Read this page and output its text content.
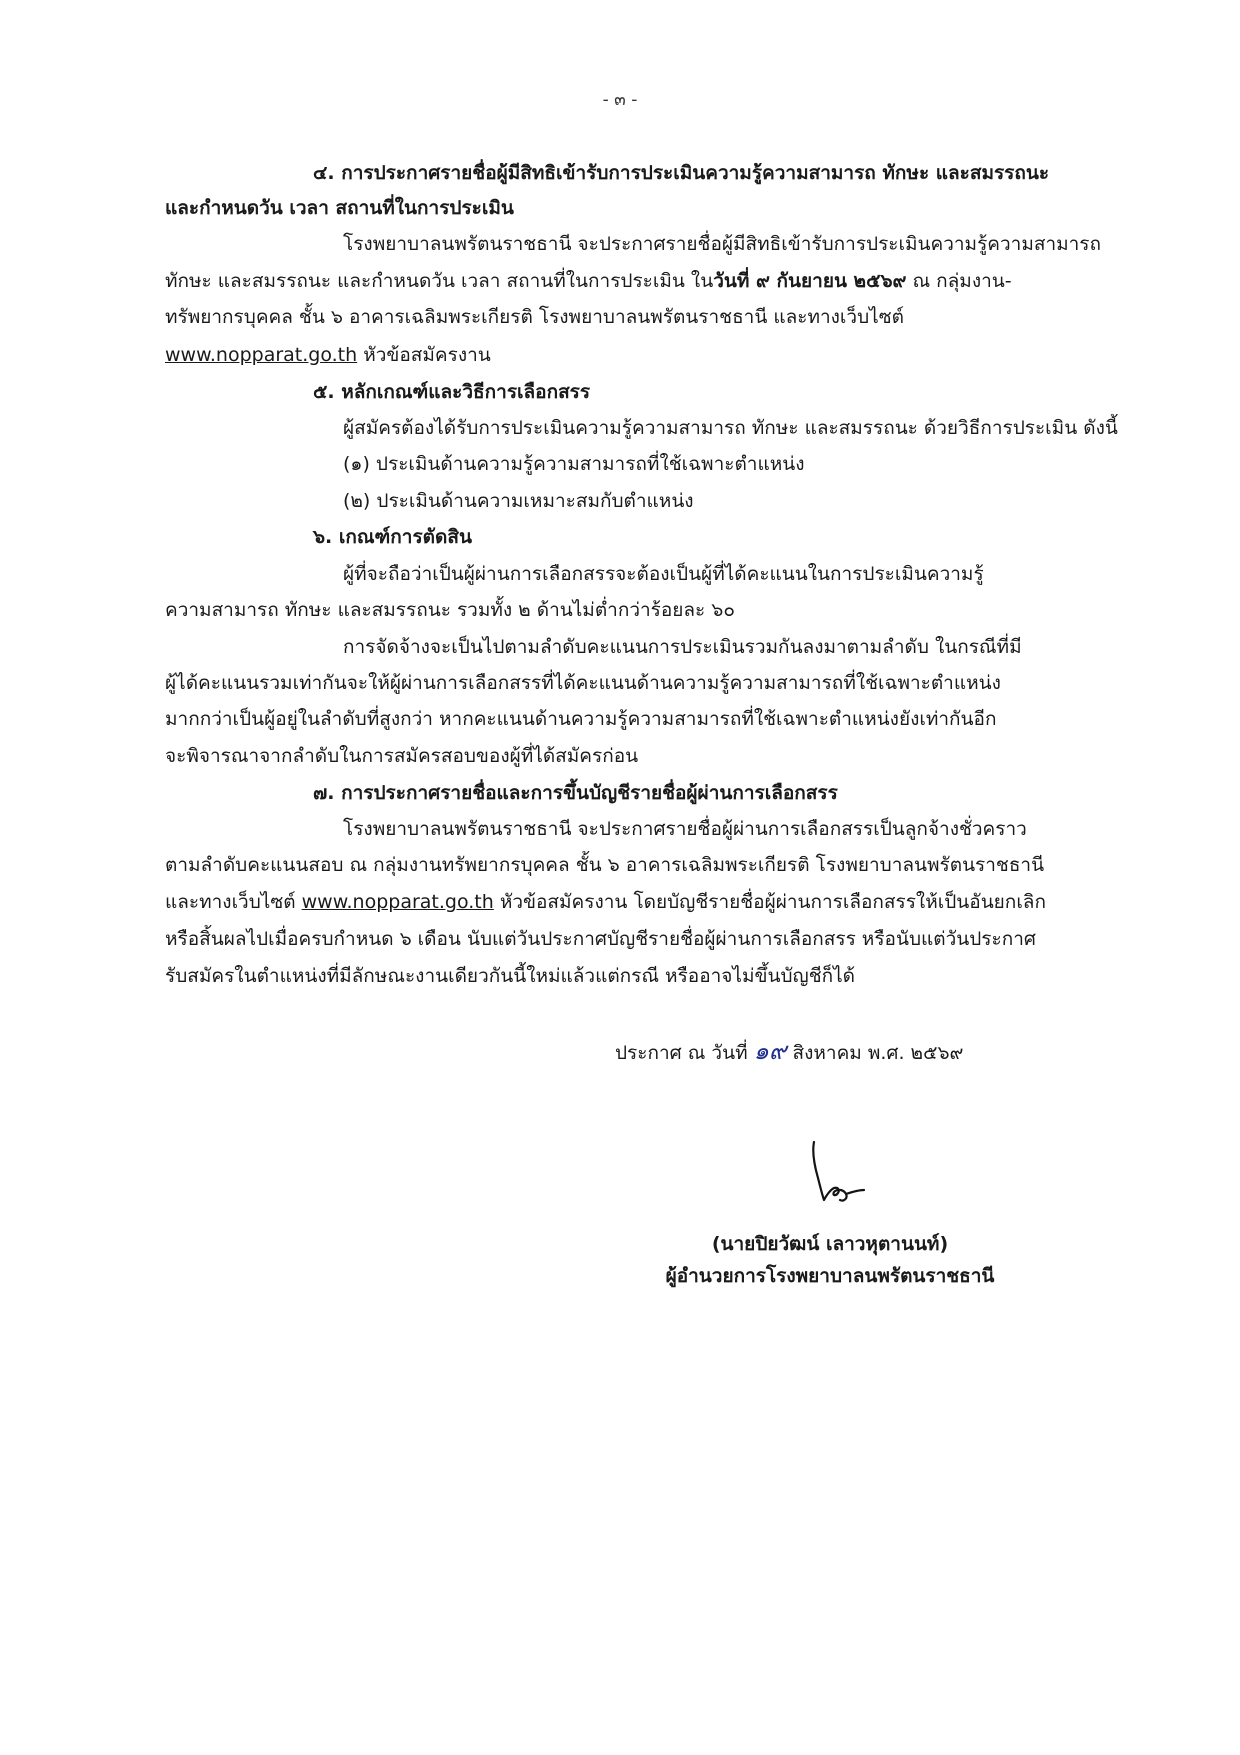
- ๓ -
๔. การประกาศรายชื่อผู้มีสิทธิเข้ารับการประเมินความรู้ความสามารถ ทักษะ และสมรรถนะ
และกำหนดวัน เวลา สถานที่ในการประเมิน
โรงพยาบาลนพรัตนราชธานี จะประกาศรายชื่อผู้มีสิทธิเข้ารับการประเมินความรู้ความสามารถ
ทักษะ และสมรรถนะ และกำหนดวัน เวลา สถานที่ในการประเมิน ในวันที่ ๙ กันยายน ๒๕๖๙ ณ กลุ่มงาน-
ทรัพยากรบุคคล ชั้น ๖ อาคารเฉลิมพระเกียรติ โรงพยาบาลนพรัตนราชธานี และทางเว็บไซต์
www.nopparat.go.th หัวข้อสมัครงาน
๕. หลักเกณฑ์และวิธีการเลือกสรร
ผู้สมัครต้องได้รับการประเมินความรู้ความสามารถ ทักษะ และสมรรถนะ ด้วยวิธีการประเมิน ดังนี้
(๑) ประเมินด้านความรู้ความสามารถที่ใช้เฉพาะตำแหน่ง
(๒) ประเมินด้านความเหมาะสมกับตำแหน่ง
๖. เกณฑ์การตัดสิน
ผู้ที่จะถือว่าเป็นผู้ผ่านการเลือกสรรจะต้องเป็นผู้ที่ได้คะแนนในการประเมินความรู้
ความสามารถ ทักษะ และสมรรถนะ รวมทั้ง ๒ ด้านไม่ต่ำกว่าร้อยละ ๖๐
การจัดจ้างจะเป็นไปตามลำดับคะแนนการประเมินรวมกันลงมาตามลำดับ ในกรณีที่มี
ผู้ได้คะแนนรวมเท่ากันจะให้ผู้ผ่านการเลือกสรรที่ได้คะแนนด้านความรู้ความสามารถที่ใช้เฉพาะตำแหน่ง
มากกว่าเป็นผู้อยู่ในลำดับที่สูงกว่า หากคะแนนด้านความรู้ความสามารถที่ใช้เฉพาะตำแหน่งยังเท่ากันอีก
จะพิจารณาจากลำดับในการสมัครสอบของผู้ที่ได้สมัครก่อน
๗. การประกาศรายชื่อและการขึ้นบัญชีรายชื่อผู้ผ่านการเลือกสรร
โรงพยาบาลนพรัตนราชธานี จะประกาศรายชื่อผู้ผ่านการเลือกสรรเป็นลูกจ้างชั่วคราว
ตามลำดับคะแนนสอบ ณ กลุ่มงานทรัพยากรบุคคล ชั้น ๖ อาคารเฉลิมพระเกียรติ โรงพยาบาลนพรัตนราชธานี
และทางเว็บไซต์ www.nopparat.go.th หัวข้อสมัครงาน โดยบัญชีรายชื่อผู้ผ่านการเลือกสรรให้เป็นอันยกเลิก
หรือสิ้นผลไปเมื่อครบกำหนด ๖ เดือน นับแต่วันประกาศบัญชีรายชื่อผู้ผ่านการเลือกสรร หรือนับแต่วันประกาศ
รับสมัครในตำแหน่งที่มีลักษณะงานเดียวกันนี้ใหม่แล้วแต่กรณี หรืออาจไม่ขึ้นบัญชีก็ได้
ประกาศ ณ วันที่ ๑๙ สิงหาคม พ.ศ. ๒๕๖๙
(นายปิยวัฒน์ เลาวหุตานนท์)
ผู้อำนวยการโรงพยาบาลนพรัตนราชธานี
